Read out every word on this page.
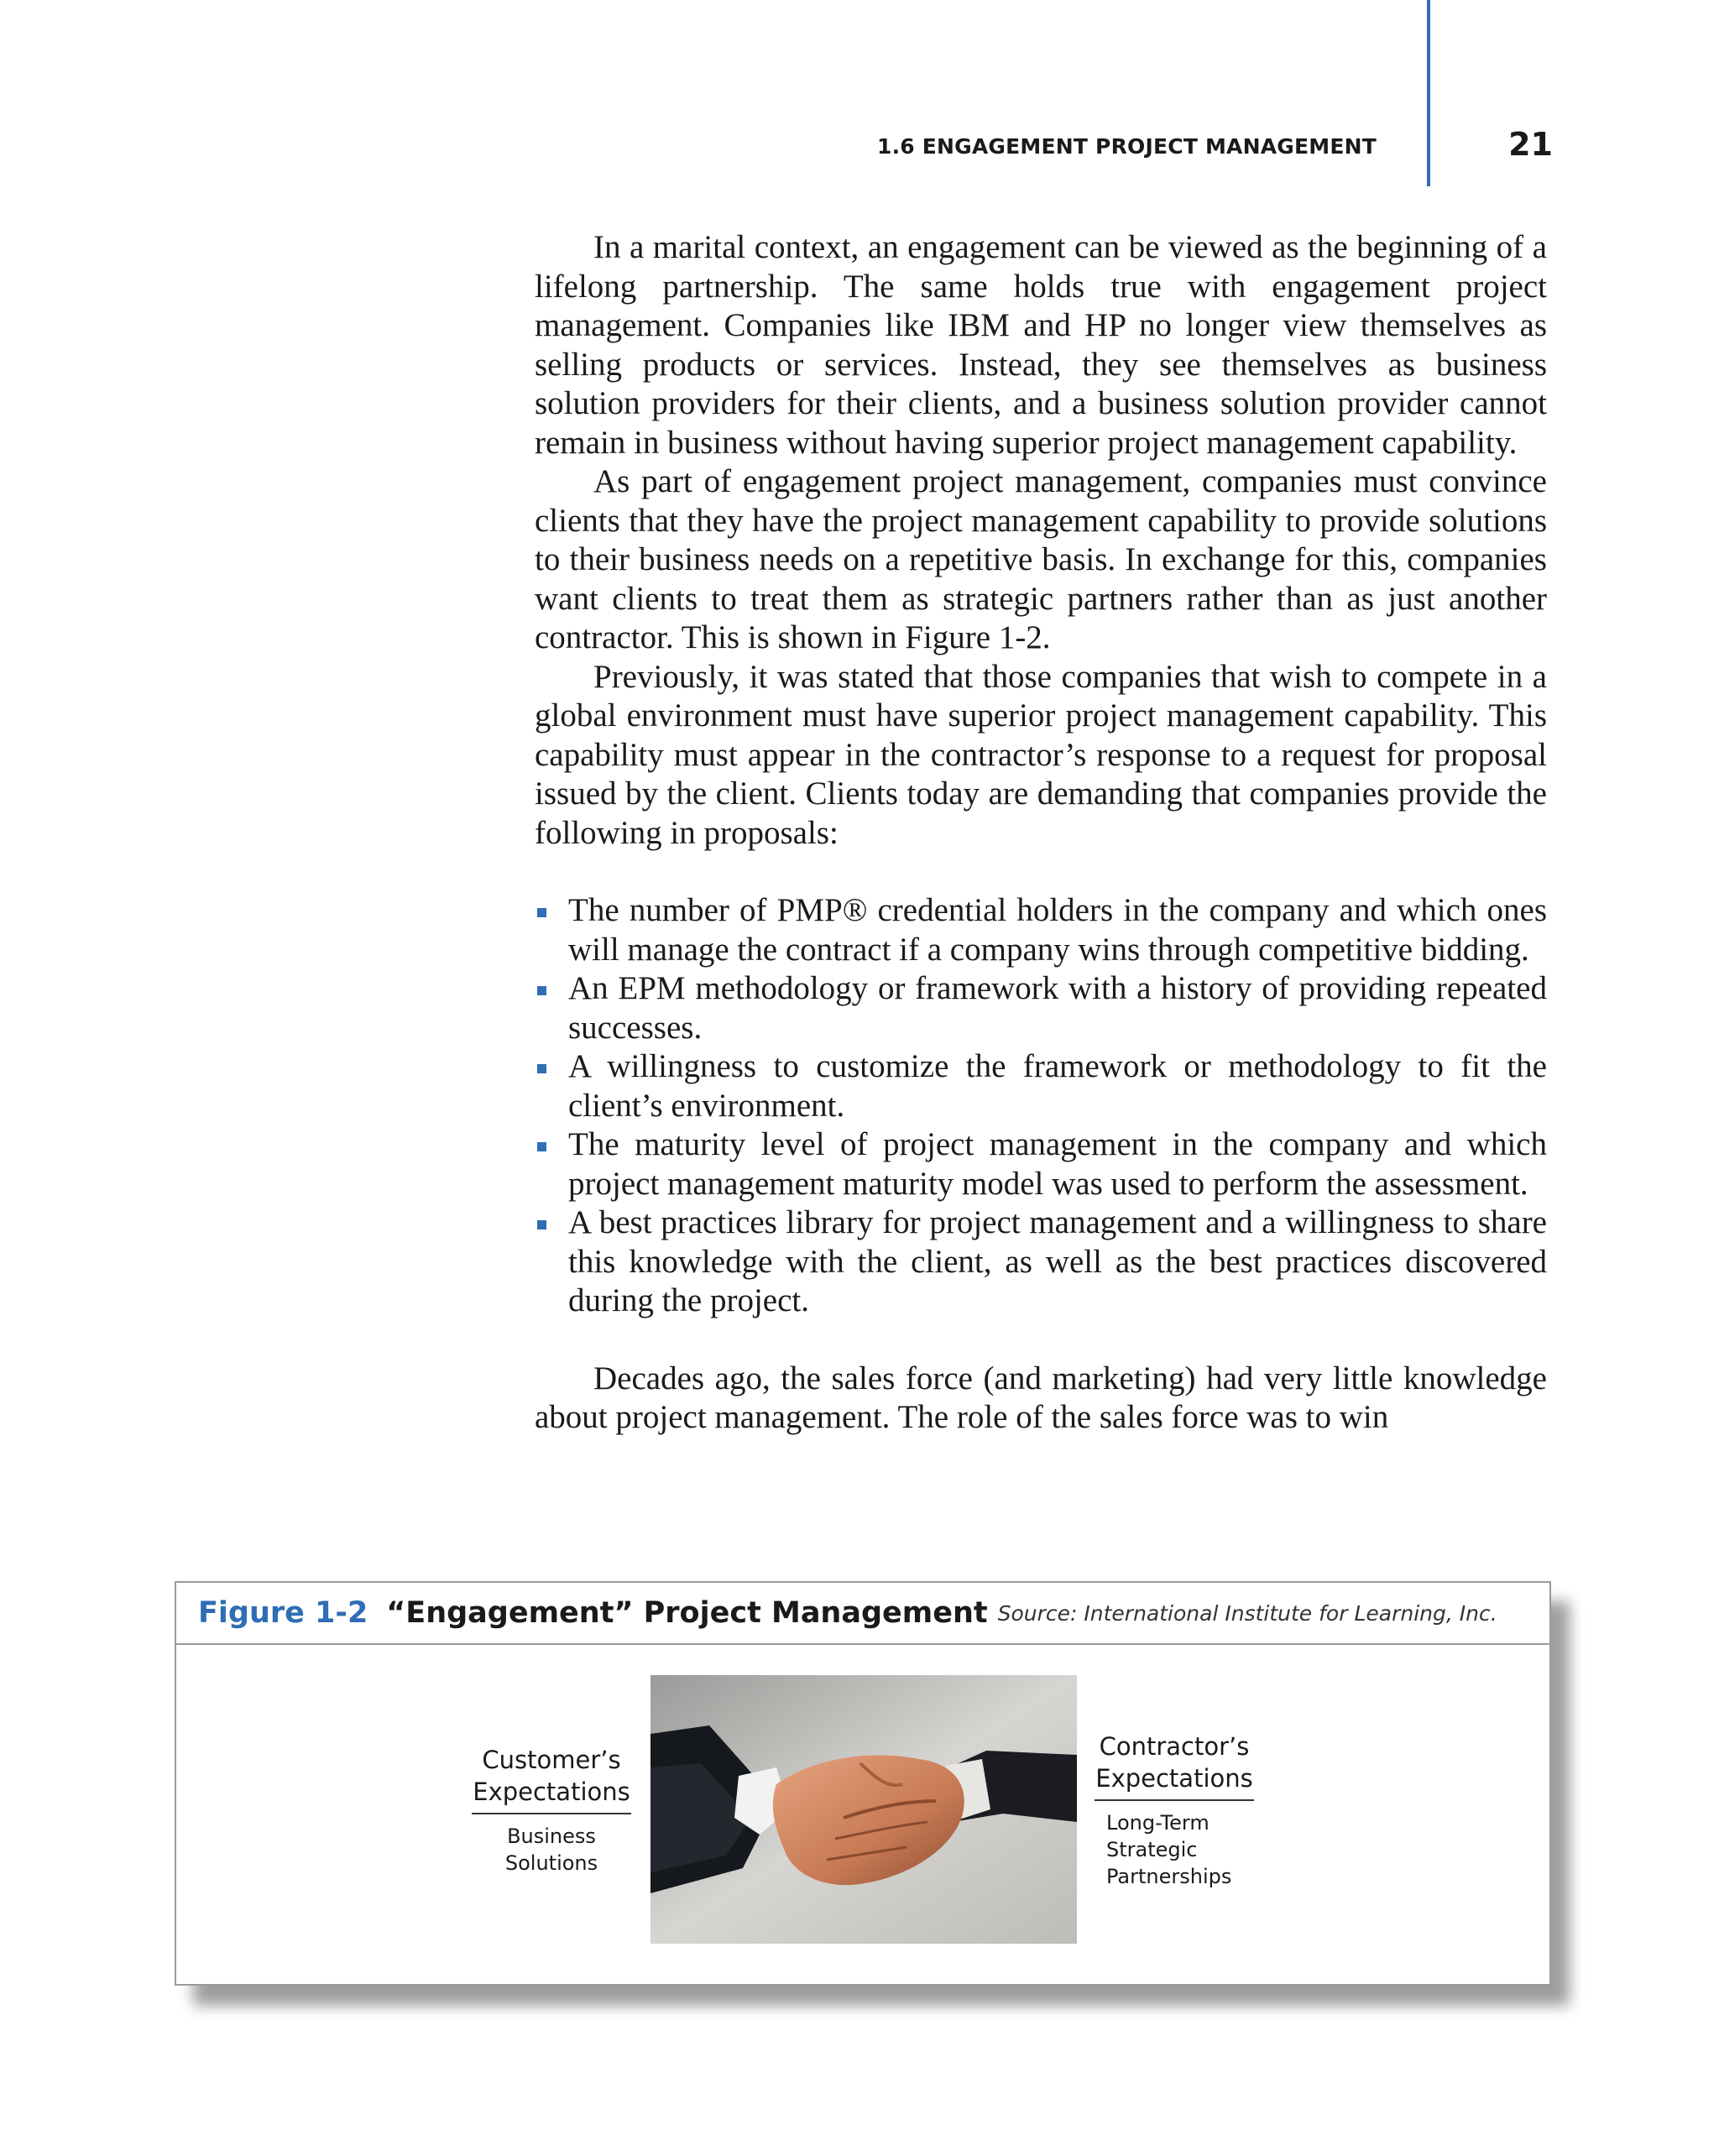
1.6 ENGAGEMENT PROJECT MANAGEMENT	21

In a marital context, an engagement can be viewed as the beginning of a lifelong partnership. The same holds true with engagement project management. Companies like IBM and HP no longer view themselves as selling products or services. Instead, they see themselves as business solution providers for their clients, and a business solution provider cannot remain in business without having superior project management capability.

As part of engagement project management, companies must convince clients that they have the project management capability to provide solutions to their business needs on a repetitive basis. In exchange for this, companies want clients to treat them as strategic partners rather than as just another contractor. This is shown in Figure 1-2.

Previously, it was stated that those companies that wish to compete in a global environment must have superior project management capability. This capability must appear in the contractor’s response to a request for proposal issued by the client. Clients today are demanding that companies provide the following in proposals:

The number of PMP® credential holders in the company and which ones will manage the contract if a company wins through competitive bidding.
An EPM methodology or framework with a history of providing repeated successes.
A willingness to customize the framework or methodology to fit the client’s environment.
The maturity level of project management in the company and which project management maturity model was used to perform the assessment.
A best practices library for project management and a willingness to share this knowledge with the client, as well as the best practices discovered during the project.

Decades ago, the sales force (and marketing) had very little knowledge about project management. The role of the sales force was to win

Figure 1-2 “Engagement” Project Management Source: International Institute for Learning, Inc.
Customer’s Expectations
Business Solutions
Contractor’s Expectations
Long-Term Strategic Partnerships
